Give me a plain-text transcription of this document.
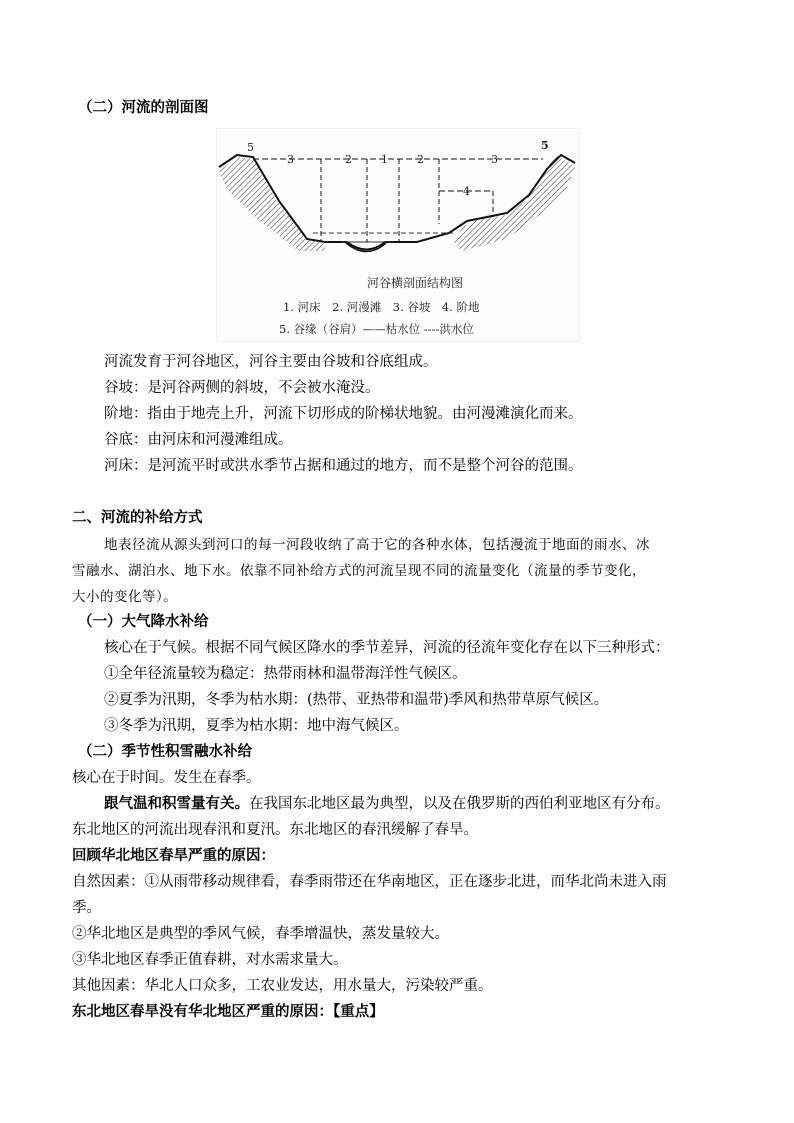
（二）河流的剖面图
5
3	2	1	2	3
5
4
河谷横剖面结构图
1. 河床　2. 河漫滩　3. 谷坡　4. 阶地
5. 谷缘（谷肩）——枯水位 ----洪水位
河流发育于河谷地区，河谷主要由谷坡和谷底组成。
谷坡：是河谷两侧的斜坡，不会被水淹没。
阶地：指由于地壳上升，河流下切形成的阶梯状地貌。由河漫滩演化而来。
谷底：由河床和河漫滩组成。
河床：是河流平时或洪水季节占据和通过的地方，而不是整个河谷的范围。
二、河流的补给方式
地表径流从源头到河口的每一河段收纳了高于它的各种水体，包括漫流于地面的雨水、冰
雪融水、湖泊水、地下水。依靠不同补给方式的河流呈现不同的流量变化（流量的季节变化，
大小的变化等）。
（一）大气降水补给
核心在于气候。根据不同气候区降水的季节差异，河流的径流年变化存在以下三种形式：
①全年径流量较为稳定：热带雨林和温带海洋性气候区。
②夏季为汛期，冬季为枯水期：(热带、亚热带和温带)季风和热带草原气候区。
③冬季为汛期，夏季为枯水期：地中海气候区。
（二）季节性积雪融水补给
核心在于时间。发生在春季。
跟气温和积雪量有关。在我国东北地区最为典型，以及在俄罗斯的西伯利亚地区有分布。
东北地区的河流出现春汛和夏汛。东北地区的春汛缓解了春旱。
回顾华北地区春旱严重的原因：
自然因素：①从雨带移动规律看，春季雨带还在华南地区，正在逐步北进，而华北尚未进入雨
季。
②华北地区是典型的季风气候，春季增温快，蒸发量较大。
③华北地区春季正值春耕，对水需求量大。
其他因素：华北人口众多，工农业发达，用水量大，污染较严重。
东北地区春旱没有华北地区严重的原因：【重点】
